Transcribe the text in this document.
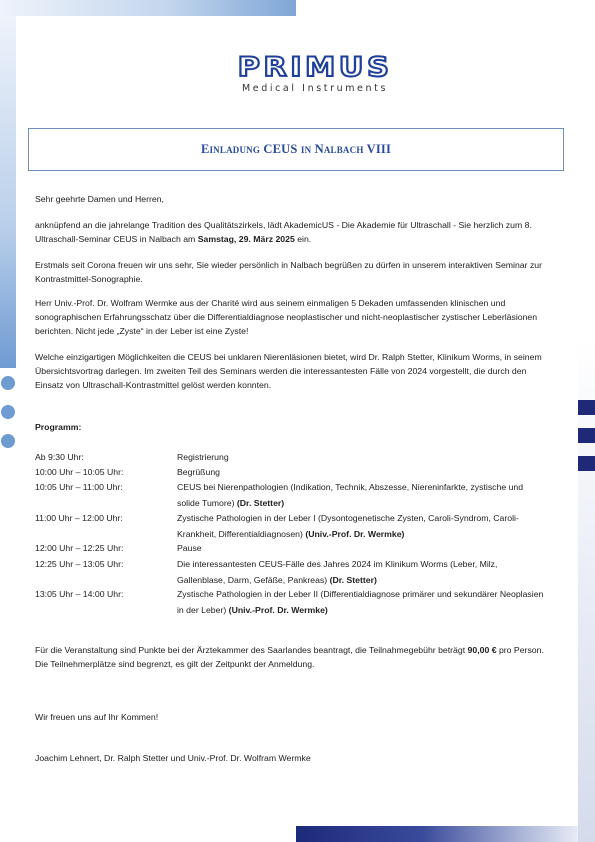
PRIMUS
Medical Instruments
Einladung CEUS in Nalbach VIII

Sehr geehrte Damen und Herren,

anknüpfend an die jahrelange Tradition des Qualitätszirkels, lädt AkademicUS - Die Akademie für Ultraschall - Sie herzlich zum 8. Ultraschall-Seminar CEUS in Nalbach am Samstag, 29. März 2025 ein.

Erstmals seit Corona freuen wir uns sehr, Sie wieder persönlich in Nalbach begrüßen zu dürfen in unserem interaktiven Seminar zur Kontrastmittel-Sonographie.

Herr Univ.-Prof. Dr. Wolfram Wermke aus der Charité wird aus seinem einmaligen 5 Dekaden umfassenden klinischen und sonographischen Erfahrungsschatz über die Differentialdiagnose neoplastischer und nicht-neoplastischer zystischer Leberläsionen berichten. Nicht jede „Zyste“ in der Leber ist eine Zyste!

Welche einzigartigen Möglichkeiten die CEUS bei unklaren Nierenläsionen bietet, wird Dr. Ralph Stetter, Klinikum Worms, in seinem Übersichtsvortrag darlegen. Im zweiten Teil des Seminars werden die interessantesten Fälle von 2024 vorgestellt, die durch den Einsatz von Ultraschall-Kontrastmittel gelöst werden konnten.

Programm:

Ab 9:30 Uhr:	Registrierung
10:00 Uhr – 10:05 Uhr:	Begrüßung
10:05 Uhr – 11:00 Uhr:	CEUS bei Nierenpathologien (Indikation, Technik, Abszesse, Niereninfarkte, zystische und solide Tumore) (Dr. Stetter)
11:00 Uhr – 12:00 Uhr:	Zystische Pathologien in der Leber I (Dysontogenetische Zysten, Caroli-Syndrom, Caroli-Krankheit, Differentialdiagnosen) (Univ.-Prof. Dr. Wermke)
12:00 Uhr – 12:25 Uhr:	Pause
12:25 Uhr – 13:05 Uhr:	Die interessantesten CEUS-Fälle des Jahres 2024 im Klinikum Worms (Leber, Milz, Gallenblase, Darm, Gefäße, Pankreas) (Dr. Stetter)
13:05 Uhr – 14:00 Uhr:	Zystische Pathologien in der Leber II (Differentialdiagnose primärer und sekundärer Neoplasien in der Leber) (Univ.-Prof. Dr. Wermke)

Für die Veranstaltung sind Punkte bei der Ärztekammer des Saarlandes beantragt, die Teilnahmegebühr beträgt 90,00 € pro Person. Die Teilnehmerplätze sind begrenzt, es gilt der Zeitpunkt der Anmeldung.

Wir freuen uns auf Ihr Kommen!

Joachim Lehnert, Dr. Ralph Stetter und Univ.-Prof. Dr. Wolfram Wermke
